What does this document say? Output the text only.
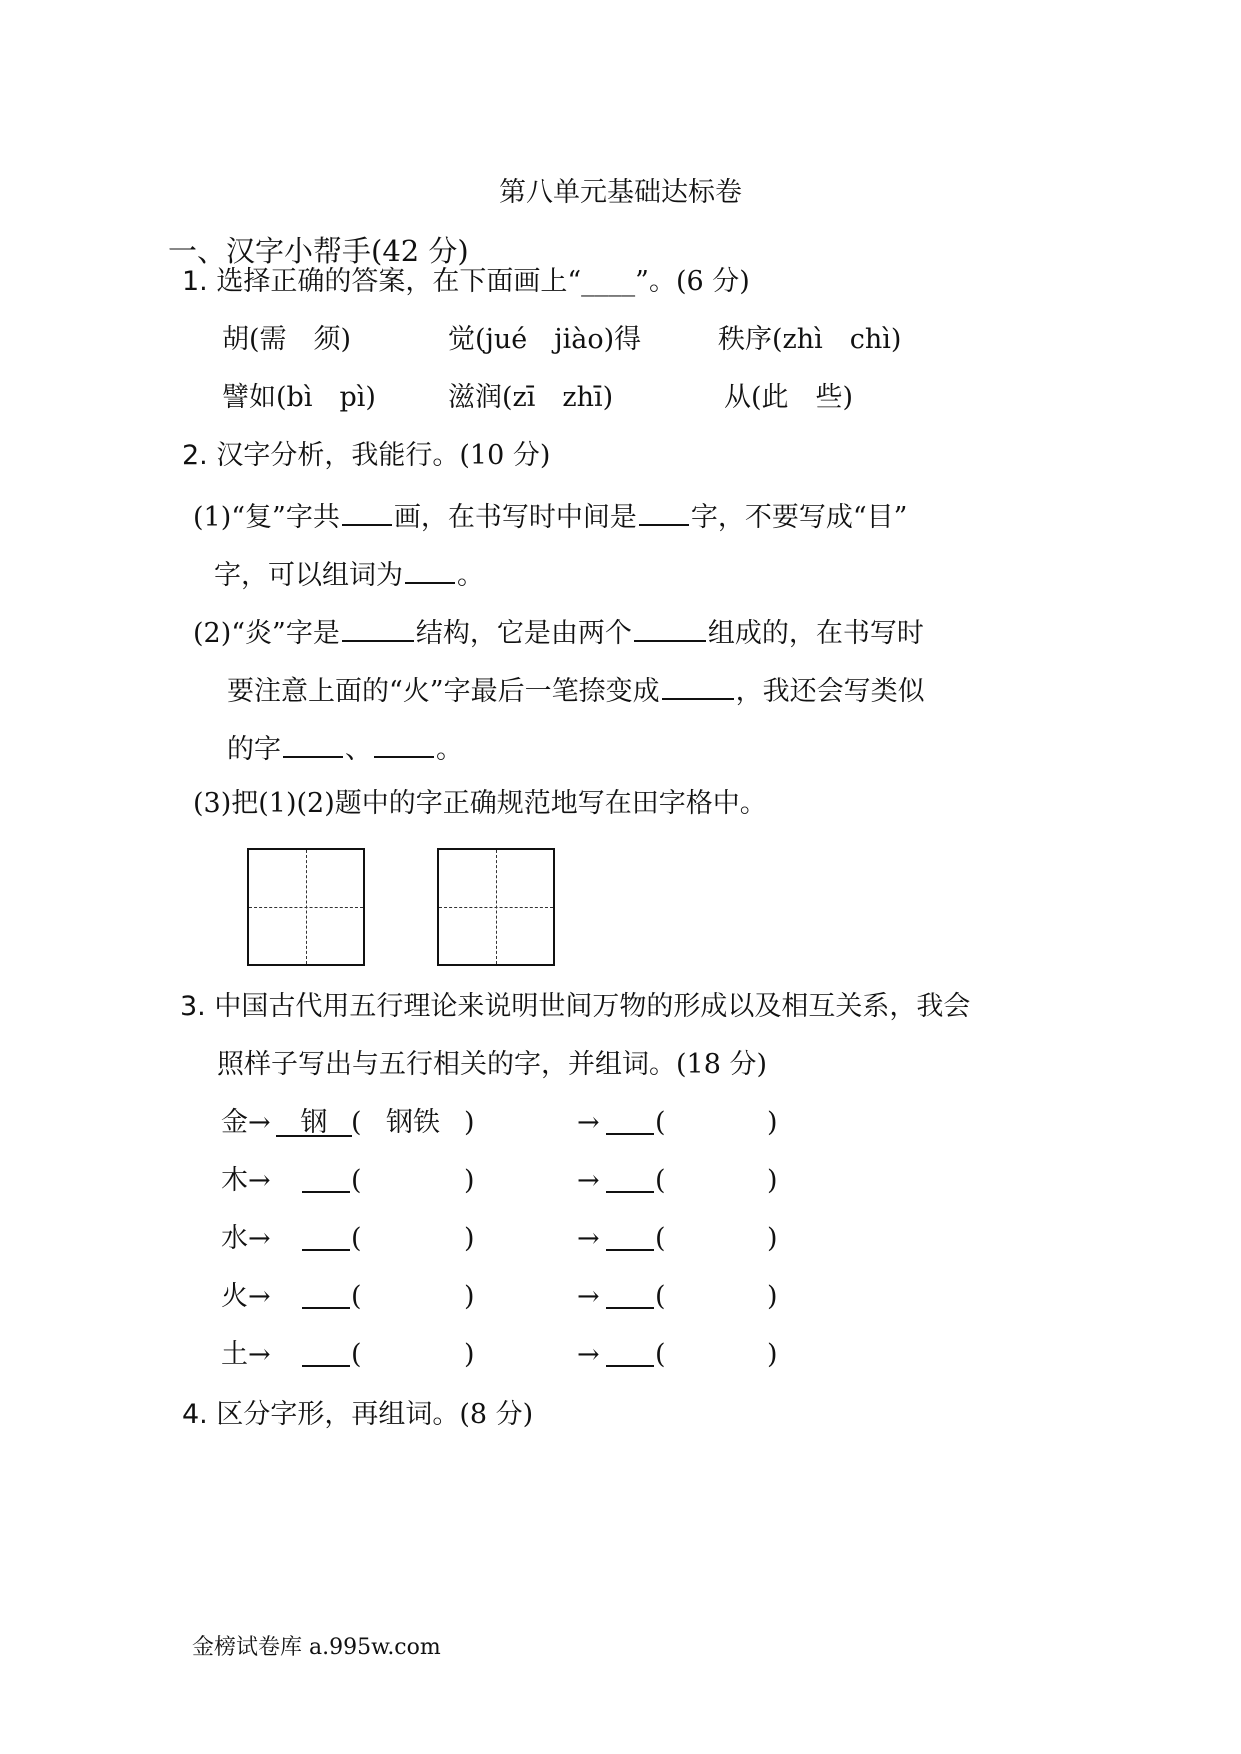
第八单元基础达标卷
一、汉字小帮手(42 分)
1. 选择正确的答案，在下面画上“____”。(6 分)
胡(需　须)	觉(jué　jiào)得	秩序(zhì　chì)
譬如(bì　pì)	滋润(zī　zhī)	从(此　些)
2. 汉字分析，我能行。(10 分)
(1)“复”字共 画，在书写时中间是 字，不要写成“目”
字，可以组词为 。
(2)“炎”字是	结构，它是由两个	组成的，在书写时
要注意上面的“火”字最后一笔捺变成	，我还会写类似
的字 、 。
(3)把(1)(2)题中的字正确规范地写在田字格中。
3. 中国古代用五行理论来说明世间万物的形成以及相互关系，我会
照样子写出与五行相关的字，并组词。(18 分)
金→	钢 ( 钢铁 )	→ (	)
木→	(	)	→ (	)
水→	(	)	→ (	)
火→	(	)	→ (	)
土→	(	)	→ (	)
4. 区分字形，再组词。(8 分)
金榜试卷库 a.995w.com
